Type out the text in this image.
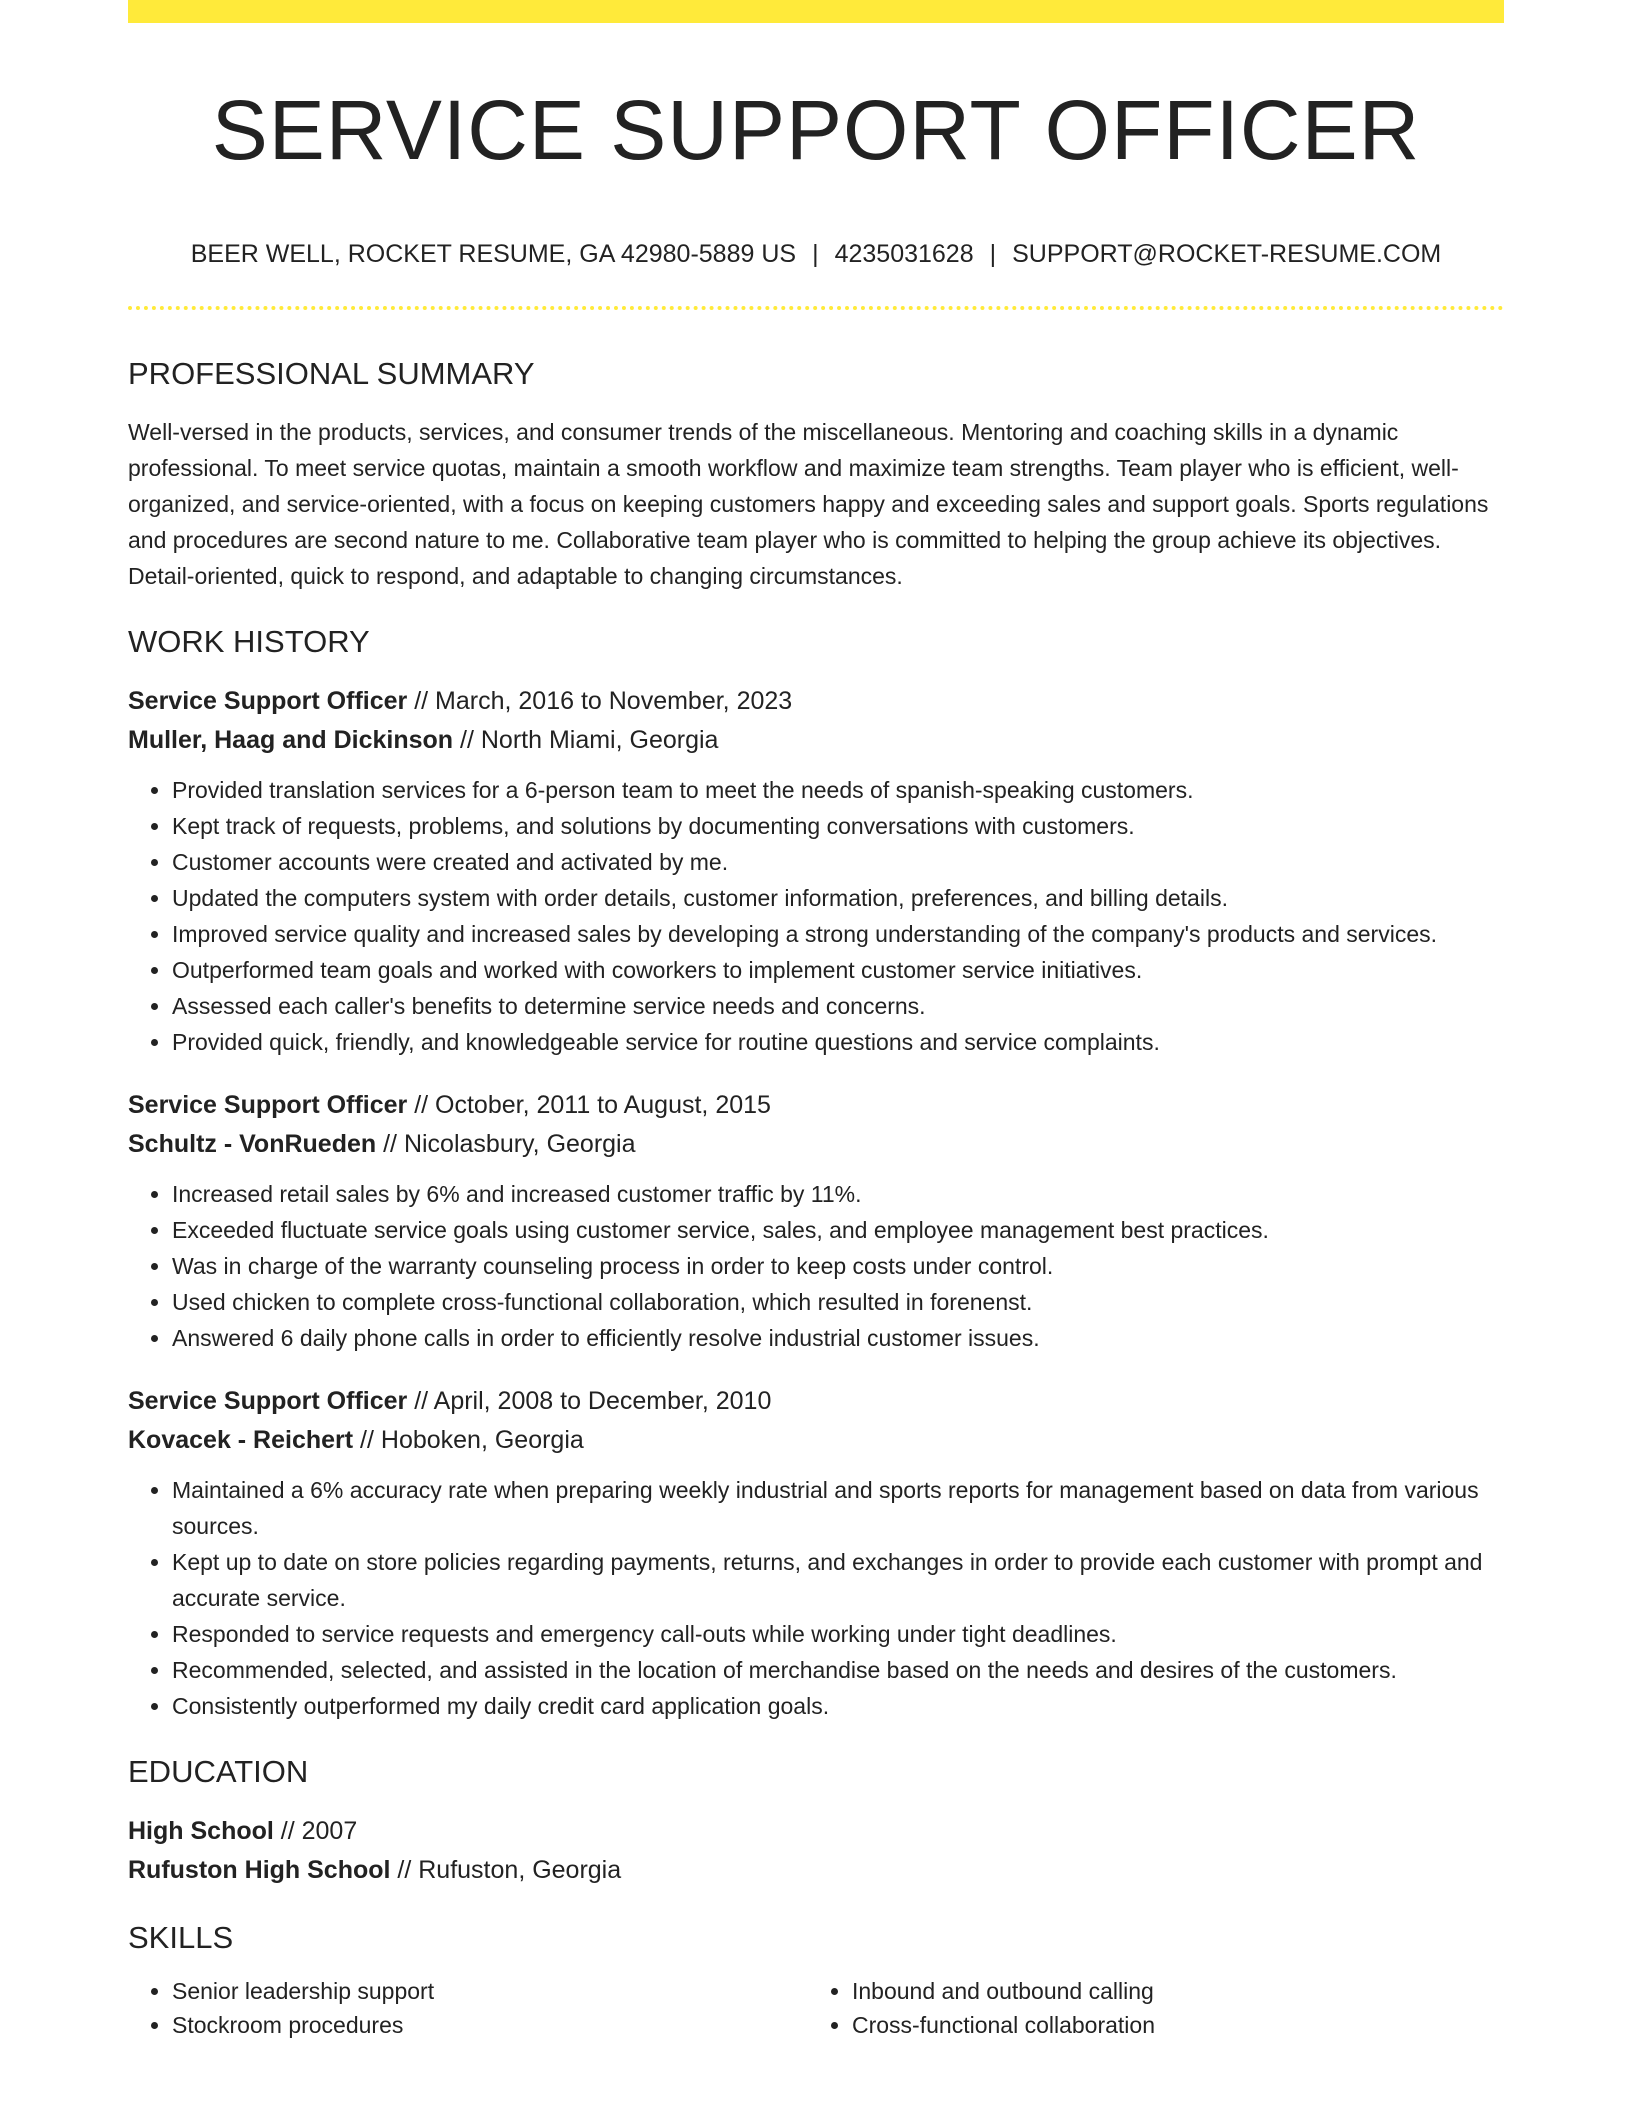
SERVICE SUPPORT OFFICER
BEER WELL, ROCKET RESUME, GA 42980-5889 US | 4235031628 | SUPPORT@ROCKET-RESUME.COM
PROFESSIONAL SUMMARY

Well-versed in the products, services, and consumer trends of the miscellaneous. Mentoring and coaching skills in a dynamic professional. To meet service quotas, maintain a smooth workflow and maximize team strengths. Team player who is efficient, well-organized, and service-oriented, with a focus on keeping customers happy and exceeding sales and support goals. Sports regulations and procedures are second nature to me. Collaborative team player who is committed to helping the group achieve its objectives. Detail-oriented, quick to respond, and adaptable to changing circumstances.

WORK HISTORY
Service Support Officer // March, 2016 to November, 2023
Muller, Haag and Dickinson // North Miami, Georgia
• Provided translation services for a 6-person team to meet the needs of spanish-speaking customers.
• Kept track of requests, problems, and solutions by documenting conversations with customers.
• Customer accounts were created and activated by me.
• Updated the computers system with order details, customer information, preferences, and billing details.
• Improved service quality and increased sales by developing a strong understanding of the company's products and services.
• Outperformed team goals and worked with coworkers to implement customer service initiatives.
• Assessed each caller's benefits to determine service needs and concerns.
• Provided quick, friendly, and knowledgeable service for routine questions and service complaints.
Service Support Officer // October, 2011 to August, 2015
Schultz - VonRueden // Nicolasbury, Georgia
• Increased retail sales by 6% and increased customer traffic by 11%.
• Exceeded fluctuate service goals using customer service, sales, and employee management best practices.
• Was in charge of the warranty counseling process in order to keep costs under control.
• Used chicken to complete cross-functional collaboration, which resulted in forenenst.
• Answered 6 daily phone calls in order to efficiently resolve industrial customer issues.
Service Support Officer // April, 2008 to December, 2010
Kovacek - Reichert // Hoboken, Georgia
• Maintained a 6% accuracy rate when preparing weekly industrial and sports reports for management based on data from various sources.
• Kept up to date on store policies regarding payments, returns, and exchanges in order to provide each customer with prompt and accurate service.
• Responded to service requests and emergency call-outs while working under tight deadlines.
• Recommended, selected, and assisted in the location of merchandise based on the needs and desires of the customers.
• Consistently outperformed my daily credit card application goals.
EDUCATION
High School // 2007
Rufuston High School // Rufuston, Georgia
SKILLS
• Senior leadership support
• Stockroom procedures
• Inbound and outbound calling
• Cross-functional collaboration
